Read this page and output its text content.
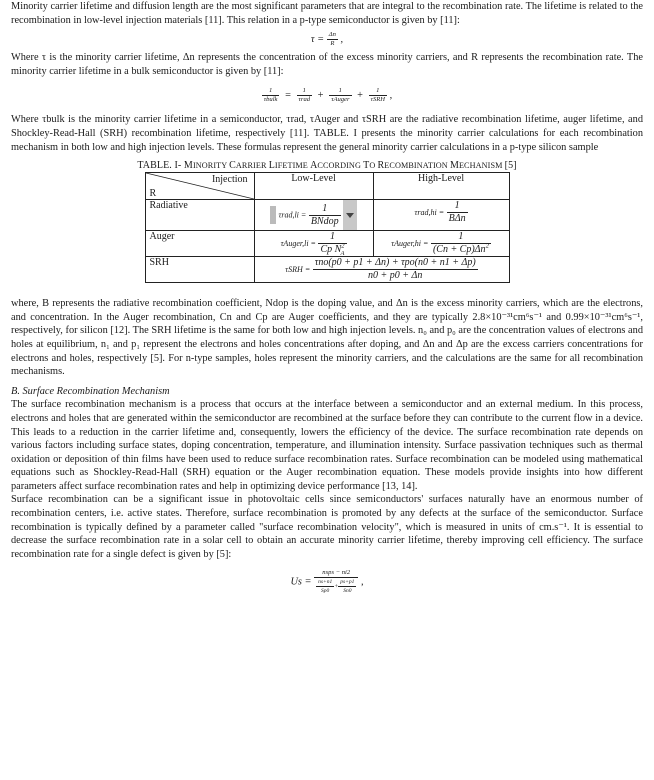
Minority carrier lifetime and diffusion length are the most significant parameters that are integral to the recombination rate. The lifetime is related to the recombination in low-level injection materials [11]. This relation in a p-type semiconductor is given by [11]:

$\tau = \frac{\Delta n}{R}$ ,

Where τ is the minority carrier lifetime, Δn represents the concentration of the excess minority carriers, and R represents the recombination rate. The minority carrier lifetime in a bulk semiconductor is given by [11]:

$\frac{1}{\text{τbulk}} = \frac{1}{\text{τrad}} + \frac{1}{\text{τAuger}} + \frac{1}{\text{τSRH}}$ ,

Where τbulk is the minority carrier lifetime in a semiconductor, τrad, τAuger and τSRH are the radiative recombination lifetime, auger lifetime, and Shockley-Read-Hall (SRH) recombination lifetime, respectively [11]. TABLE. I presents the minority carrier calculations for each recombination mechanism in both low and high injection levels. These formulas represent the general minority carrier calculations in a p-type silicon sample

TABLE. I- MINORITY CARRIER LIFETIME ACCORDING TO RECOMBINATION MECHANISM [5]
Injection
R	Low-Level	High-Level
Radiative	τrad,li =
1
BNdop	τrad,hi =
1
BΔn

Auger	τAuger,li = $\frac{1}{Cp N^2_A}$	τAuger,hi = $\frac{1}{(Cn + Cp)\Delta n^2}$

SRH	τSRH =
τno(p0 + p1 + Δn) + τpo(n0 + n1 + Δp)
n0 + p0 + Δn	

where, B represents the radiative recombination coefficient, Ndop is the doping value, and Δn is the excess minority carriers, which are the electrons, and concentration. In the Auger recombination, Cn and Cp are Auger coefficients, and they are typically 2.8×10⁻³¹cm⁶s⁻¹ and 0.99×10⁻³¹cm⁶s⁻¹, respectively, for silicon [12]. The SRH lifetime is the same for both low and high injection levels. n₀ and p₀ are the concentration values of electrons and holes at equilibrium, n₁ and p₁ represent the electrons and holes concentrations after doping, and Δn and Δp are the excess carriers concentrations for electrons and holes, respectively [5]. For n-type samples, holes represent the minority carriers, and the calculations are the same for all recombination mechanisms.

B. Surface Recombination Mechanism

The surface recombination mechanism is a process that occurs at the interface between a semiconductor and an external medium. In this process, electrons and holes that are generated within the semiconductor are recombined at the surface before they can contribute to the current flow in a device. This leads to a reduction in the carrier lifetime and, consequently, lowers the efficiency of the device. The surface recombination rate depends on various factors including surface states, doping concentration, temperature, and illumination intensity. Surface passivation techniques such as thermal oxidation or deposition of thin films have been used to reduce surface recombination rates. Surface recombination can be modeled using mathematical equations such as Shockley-Read-Hall (SRH) equation or the Auger recombination equation. These models provide insights into how different parameters affect surface recombination rates and help in optimizing device performance [13, 14].

Surface recombination can be a significant issue in photovoltaic cells since semiconductors' surfaces naturally have an enormous number of recombination centers, i.e. active states. Therefore, surface recombination is promoted by any defects at the surface of the semiconductor. Surface recombination is typically defined by a parameter called "surface recombination velocity", which is measured in units of cm.s⁻¹. It is essential to decrease the surface recombination rate in a solar cell to obtain an accurate minority carrier lifetime, thereby improving cell efficiency. The surface recombination rate for a single defect is given by [5]:

$Us = \frac{\text{nsps − ni2}}{\frac{ns+n1}{Sp0} + \frac{ps+p1}{Sn0}}$ ,
